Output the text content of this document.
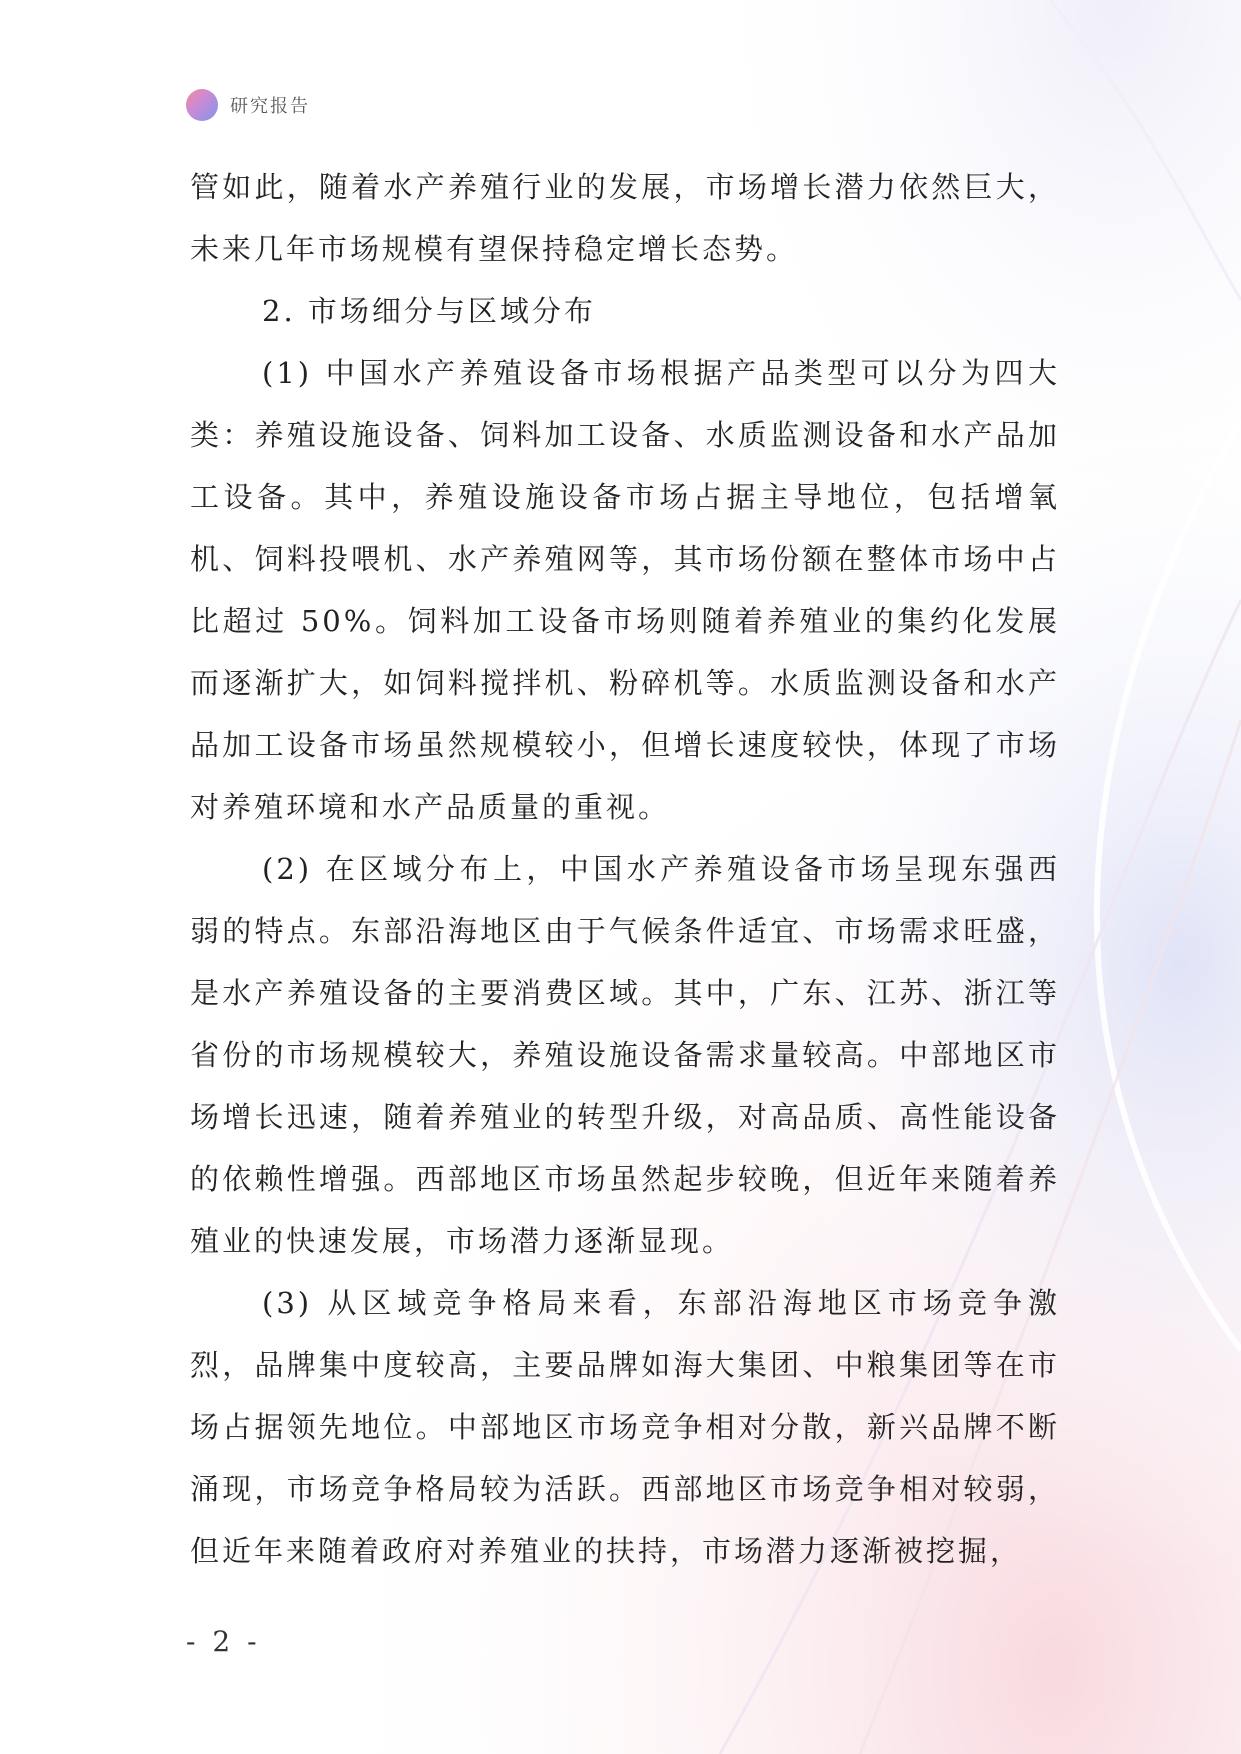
研究报告

管如此，随着水产养殖行业的发展，市场增长潜力依然巨大，未来几年市场规模有望保持稳定增长态势。

2. 市场细分与区域分布

(1) 中国水产养殖设备市场根据产品类型可以分为四大类：养殖设施设备、饲料加工设备、水质监测设备和水产品加工设备。其中，养殖设施设备市场占据主导地位，包括增氧机、饲料投喂机、水产养殖网等，其市场份额在整体市场中占比超过 50%。饲料加工设备市场则随着养殖业的集约化发展而逐渐扩大，如饲料搅拌机、粉碎机等。水质监测设备和水产品加工设备市场虽然规模较小，但增长速度较快，体现了市场对养殖环境和水产品质量的重视。

(2) 在区域分布上，中国水产养殖设备市场呈现东强西弱的特点。东部沿海地区由于气候条件适宜、市场需求旺盛，是水产养殖设备的主要消费区域。其中，广东、江苏、浙江等省份的市场规模较大，养殖设施设备需求量较高。中部地区市场增长迅速，随着养殖业的转型升级，对高品质、高性能设备的依赖性增强。西部地区市场虽然起步较晚，但近年来随着养殖业的快速发展，市场潜力逐渐显现。

(3) 从区域竞争格局来看，东部沿海地区市场竞争激烈，品牌集中度较高，主要品牌如海大集团、中粮集团等在市场占据领先地位。中部地区市场竞争相对分散，新兴品牌不断涌现，市场竞争格局较为活跃。西部地区市场竞争相对较弱，但近年来随着政府对养殖业的扶持，市场潜力逐渐被挖掘，

- 2 -
